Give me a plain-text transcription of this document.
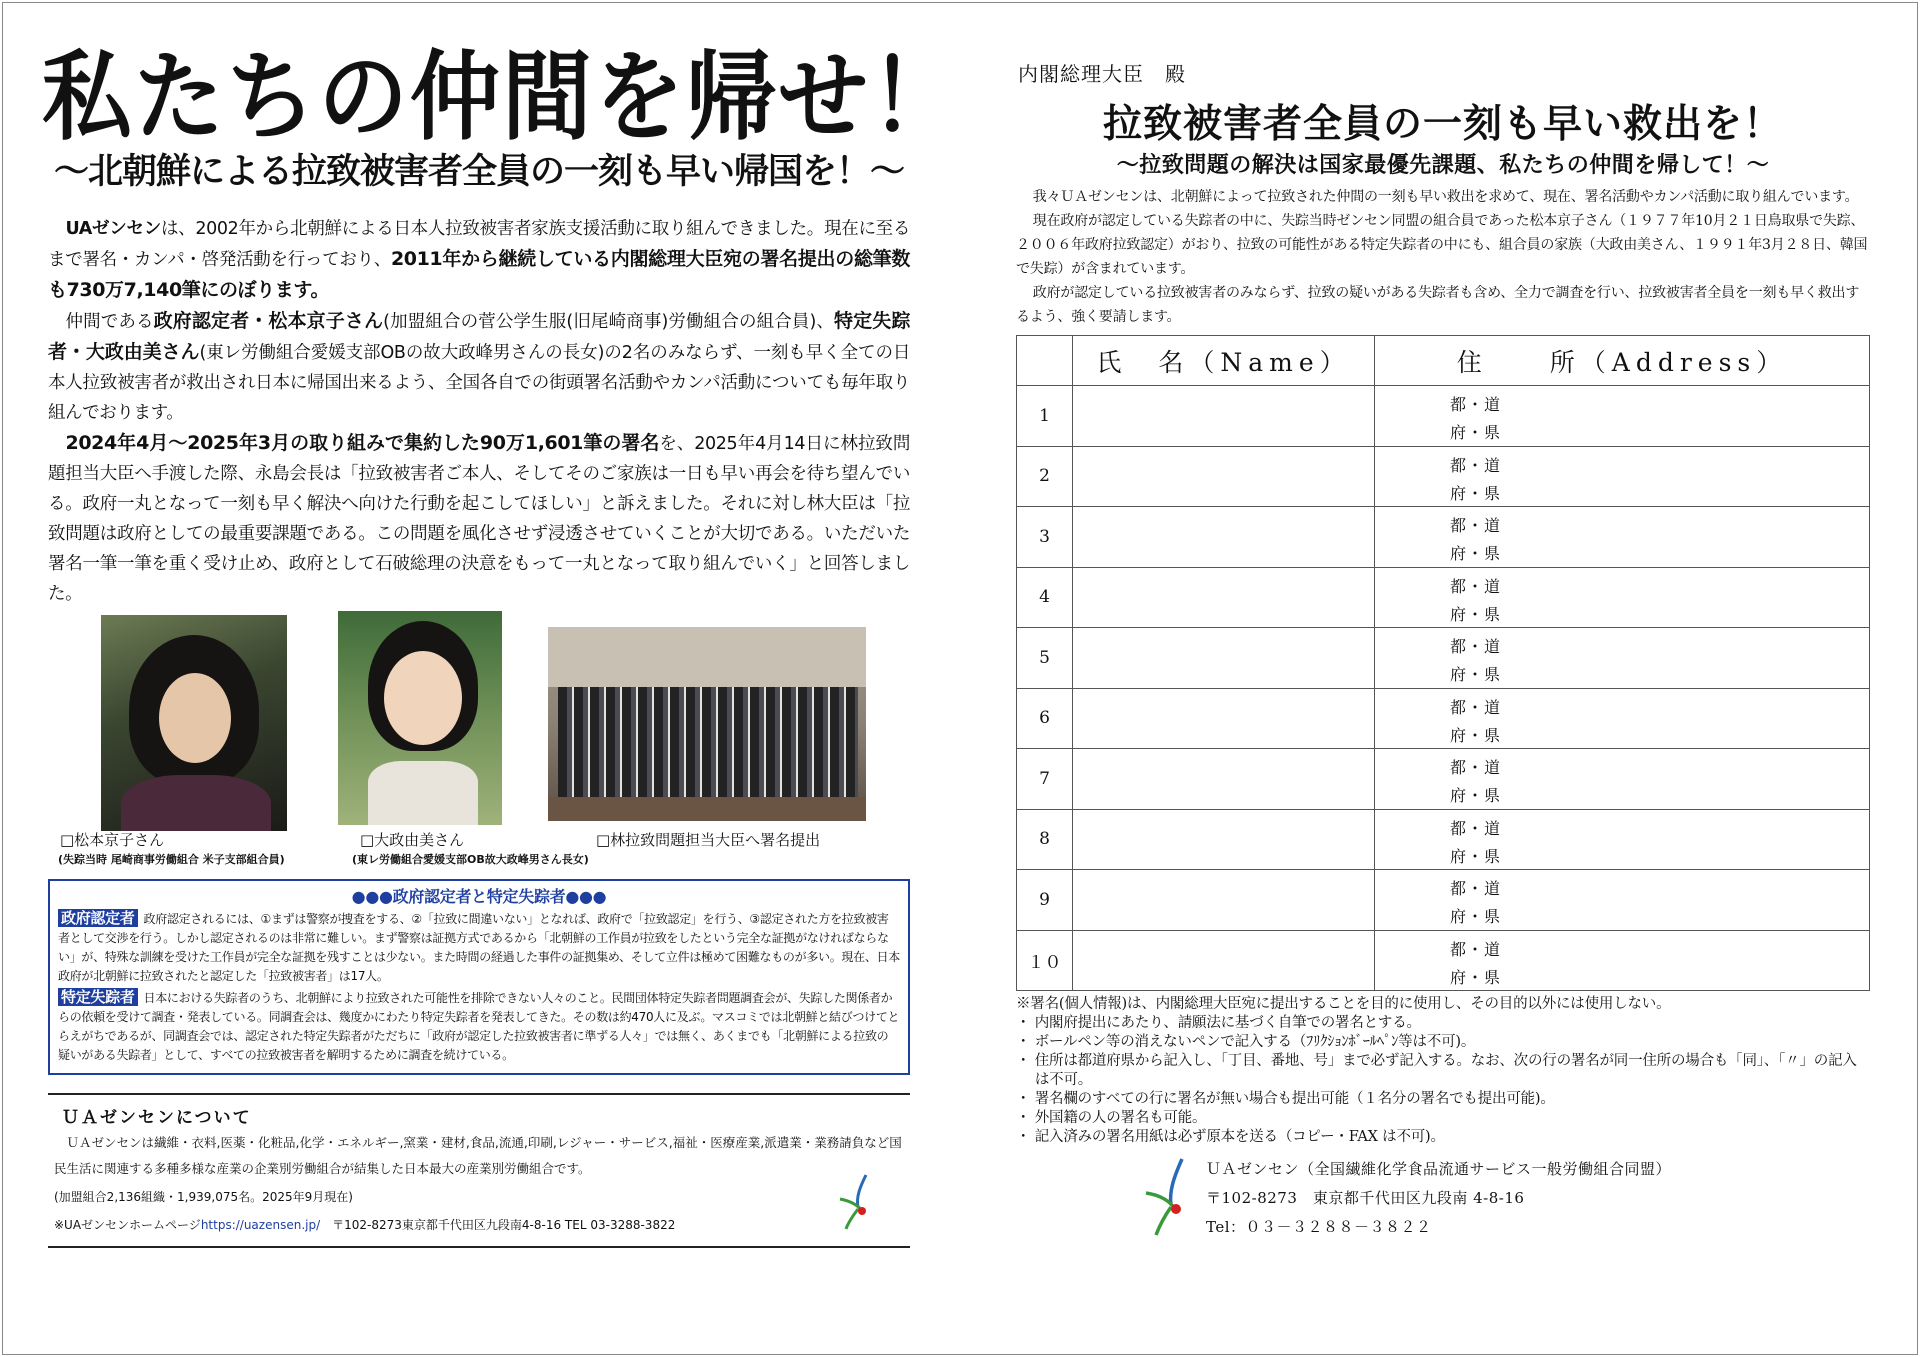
私たちの仲間を帰せ！
～北朝鮮による拉致被害者全員の一刻も早い帰国を！～

UAゼンセンは、2002年から北朝鮮による日本人拉致被害者家族支援活動に取り組んできました。現在に至るまで署名・カンパ・啓発活動を行っており、2011年から継続している内閣総理大臣宛の署名提出の総筆数も730万7,140筆にのぼります。

仲間である政府認定者・松本京子さん(加盟組合の菅公学生服(旧尾崎商事)労働組合の組合員)、特定失踪者・大政由美さん(東レ労働組合愛媛支部OBの故大政峰男さんの長女)の2名のみならず、一刻も早く全ての日本人拉致被害者が救出され日本に帰国出来るよう、全国各自での街頭署名活動やカンパ活動についても毎年取り組んでおります。

2024年4月～2025年3月の取り組みで集約した90万1,601筆の署名を、2025年4月14日に林拉致問題担当大臣へ手渡した際、永島会長は「拉致被害者ご本人、そしてそのご家族は一日も早い再会を待ち望んでいる。政府一丸となって一刻も早く解決へ向けた行動を起こしてほしい」と訴えました。それに対し林大臣は「拉致問題は政府としての最重要課題である。この問題を風化させず浸透させていくことが大切である。いただいた署名一筆一筆を重く受け止め、政府として石破総理の決意をもって一丸となって取り組んでいく」と回答しました。

□松本京子さん
(失踪当時 尾崎商事労働組合 米子支部組合員)
□大政由美さん
(東レ労働組合愛媛支部OB故大政峰男さん長女)
□林拉致問題担当大臣へ署名提出
●●●政府認定者と特定失踪者●●●
政府認定者 政府認定されるには、①まずは警察が捜査をする、②「拉致に間違いない」となれば、政府で「拉致認定」を行う、③認定された方を拉致被害者として交渉を行う。しかし認定されるのは非常に難しい。まず警察は証拠方式であるから「北朝鮮の工作員が拉致をしたという完全な証拠がなければならない」が、特殊な訓練を受けた工作員が完全な証拠を残すことは少ない。また時間の経過した事件の証拠集め、そして立件は極めて困難なものが多い。現在、日本政府が北朝鮮に拉致されたと認定した「拉致被害者」は17人。
特定失踪者 日本における失踪者のうち、北朝鮮により拉致された可能性を排除できない人々のこと。民間団体特定失踪者問題調査会が、失踪した関係者からの依頼を受けて調査・発表している。同調査会は、幾度かにわたり特定失踪者を発表してきた。その数は約470人に及ぶ。マスコミでは北朝鮮と結びつけてとらえがちであるが、同調査会では、認定された特定失踪者がただちに「政府が認定した拉致被害者に準ずる人々」では無く、あくまでも「北朝鮮による拉致の疑いがある失踪者」として、すべての拉致被害者を解明するために調査を続けている。
ＵＡゼンセンについて

ＵＡゼンセンは繊維・衣料,医薬・化粧品,化学・エネルギー,窯業・建材,食品,流通,印刷,レジャー・サービス,福祉・医療産業,派遣業・業務請負など国民生活に関連する多種多様な産業の企業別労働組合が結集した日本最大の産業別労働組合です。

(加盟組合2,136組織・1,939,075名。2025年9月現在)

※UAゼンセンホームページhttps://uazensen.jp/　 〒102-8273東京都千代田区九段南4-8-16 TEL 03-3288-3822

内閣総理大臣　殿
拉致被害者全員の一刻も早い救出を！
～拉致問題の解決は国家最優先課題、私たちの仲間を帰して！～

我々ＵＡゼンセンは、北朝鮮によって拉致された仲間の一刻も早い救出を求めて、現在、署名活動やカンパ活動に取り組んでいます。

現在政府が認定している失踪者の中に、失踪当時ゼンセン同盟の組合員であった松本京子さん（１９７７年10月２１日鳥取県で失踪、２００６年政府拉致認定）がおり、拉致の可能性がある特定失踪者の中にも、組合員の家族（大政由美さん、１９９１年3月２８日、韓国で失踪）が含まれています。

政府が認定している拉致被害者のみならず、拉致の疑いがある失踪者も含め、全力で調査を行い、拉致被害者全員を一刻も早く救出するよう、強く要請します。

	氏　名（Name）	住　　所（Address）
1		都・道
府・県

2		都・道
府・県

3		都・道
府・県

4		都・道
府・県

5		都・道
府・県

6		都・道
府・県

7		都・道
府・県

8		都・道
府・県

9		都・道
府・県

１０		都・道
府・県
※署名(個人情報)は、内閣総理大臣宛に提出することを目的に使用し、その目的以外には使用しない。
・ 内閣府提出にあたり、請願法に基づく自筆での署名とする。
・ ボールペン等の消えないペンで記入する（ﾌﾘｸｼｮﾝﾎﾞｰﾙﾍﾟﾝ等は不可)。
・ 住所は都道府県から記入し、「丁目、番地、号」まで必ず記入する。なお、次の行の署名が同一住所の場合も「同」、「〃」の記入は不可。
・ 署名欄のすべての行に署名が無い場合も提出可能（１名分の署名でも提出可能)。
・ 外国籍の人の署名も可能。
・ 記入済みの署名用紙は必ず原本を送る（コピー・FAX は不可)。
ＵＡゼンセン（全国繊維化学食品流通サービス一般労働組合同盟）
〒102-8273　東京都千代田区九段南 4-8-16
Tel：０３－３２８８－３８２２
